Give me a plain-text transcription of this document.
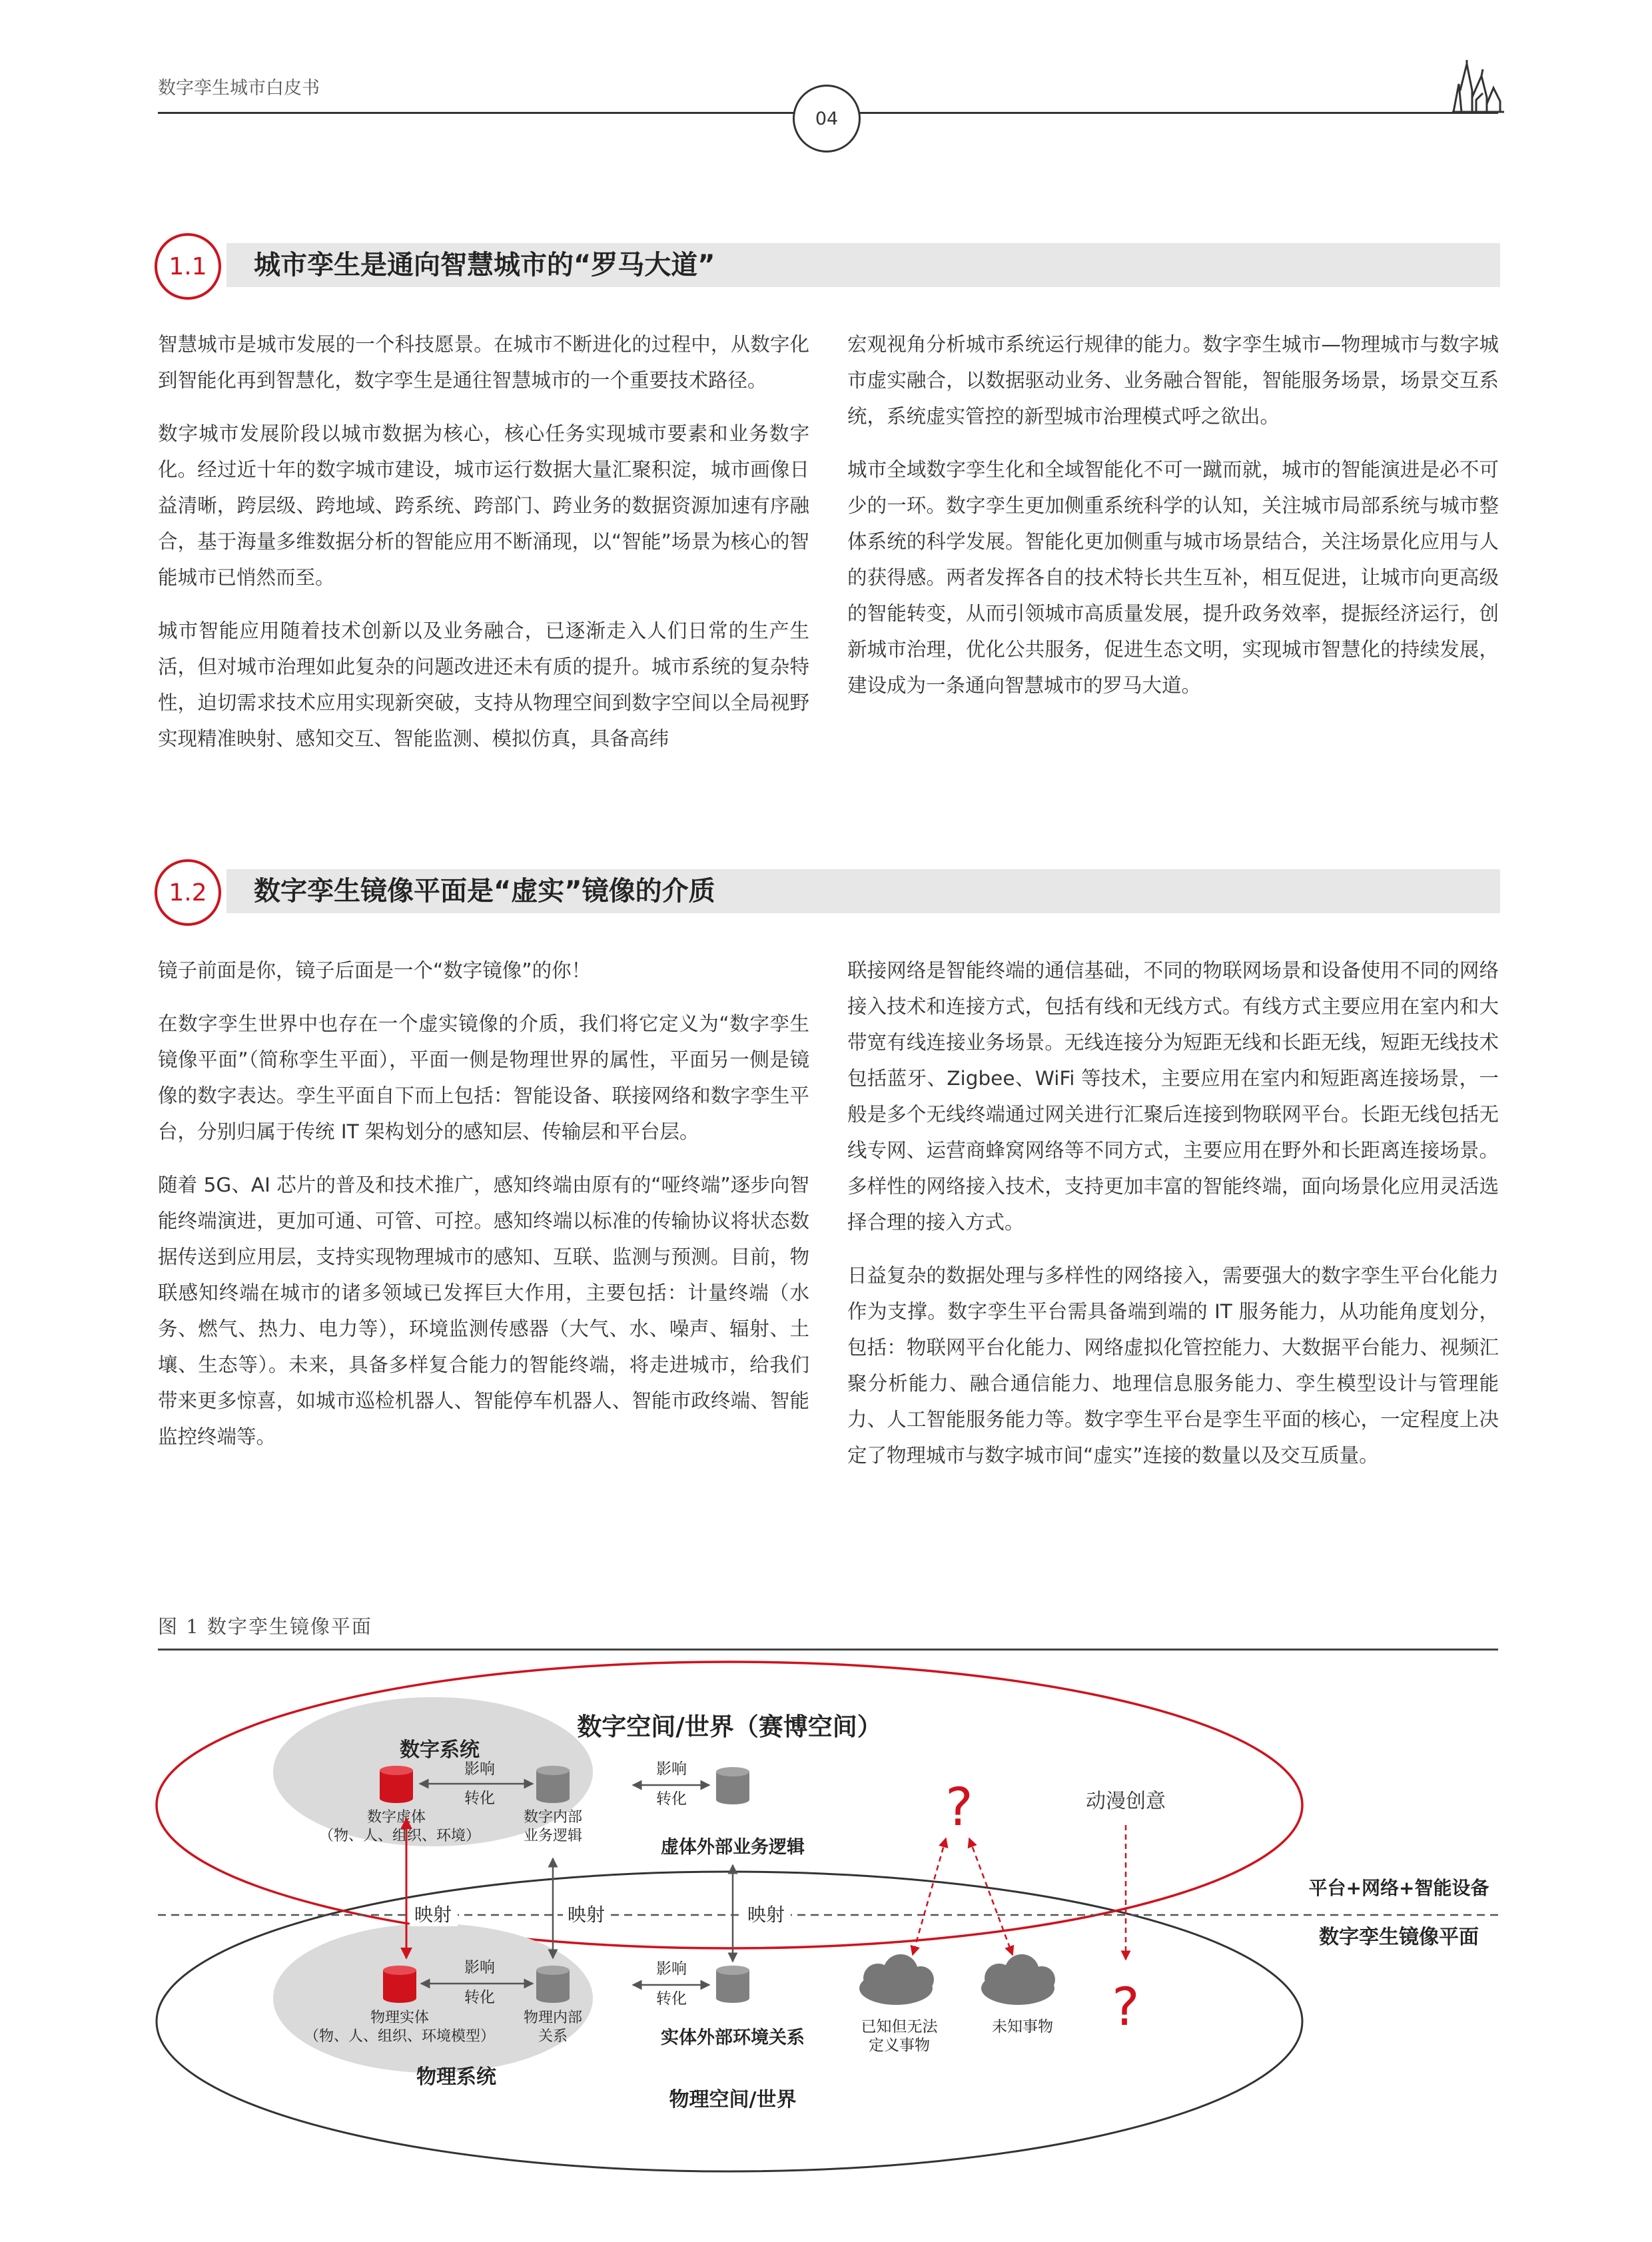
数字孪生城市白皮书
04
1.1	城市孪生是通向智慧城市的“罗马大道”

智慧城市是城市发展的一个科技愿景。在城市不断进化的过程中，从数字化到智能化再到智慧化，数字孪生是通往智慧城市的一个重要技术路径。

数字城市发展阶段以城市数据为核心，核心任务实现城市要素和业务数字化。经过近十年的数字城市建设，城市运行数据大量汇聚积淀，城市画像日益清晰，跨层级、跨地域、跨系统、跨部门、跨业务的数据资源加速有序融合，基于海量多维数据分析的智能应用不断涌现，以“智能”场景为核心的智能城市已悄然而至。

城市智能应用随着技术创新以及业务融合，已逐渐走入人们日常的生产生活，但对城市治理如此复杂的问题改进还未有质的提升。城市系统的复杂特性，迫切需求技术应用实现新突破，支持从物理空间到数字空间以全局视野实现精准映射、感知交互、智能监测、模拟仿真，具备高纬

宏观视角分析城市系统运行规律的能力。数字孪生城市—物理城市与数字城市虚实融合，以数据驱动业务、业务融合智能，智能服务场景，场景交互系统，系统虚实管控的新型城市治理模式呼之欲出。

城市全域数字孪生化和全域智能化不可一蹴而就，城市的智能演进是必不可少的一环。数字孪生更加侧重系统科学的认知，关注城市局部系统与城市整体系统的科学发展。智能化更加侧重与城市场景结合，关注场景化应用与人的获得感。两者发挥各自的技术特长共生互补，相互促进，让城市向更高级的智能转变，从而引领城市高质量发展，提升政务效率，提振经济运行，创新城市治理，优化公共服务，促进生态文明，实现城市智慧化的持续发展，建设成为一条通向智慧城市的罗马大道。

1.2	数字孪生镜像平面是“虚实”镜像的介质

镜子前面是你，镜子后面是一个“数字镜像”的你！

在数字孪生世界中也存在一个虚实镜像的介质，我们将它定义为“数字孪生镜像平面”（简称孪生平面），平面一侧是物理世界的属性，平面另一侧是镜像的数字表达。孪生平面自下而上包括：智能设备、联接网络和数字孪生平台，分别归属于传统 IT 架构划分的感知层、传输层和平台层。

随着 5G、AI 芯片的普及和技术推广，感知终端由原有的“哑终端”逐步向智能终端演进，更加可通、可管、可控。感知终端以标准的传输协议将状态数据传送到应用层，支持实现物理城市的感知、互联、监测与预测。目前，物联感知终端在城市的诸多领域已发挥巨大作用，主要包括：计量终端（水务、燃气、热力、电力等），环境监测传感器（大气、水、噪声、辐射、土壤、生态等）。未来，具备多样复合能力的智能终端，将走进城市，给我们带来更多惊喜，如城市巡检机器人、智能停车机器人、智能市政终端、智能监控终端等。

联接网络是智能终端的通信基础，不同的物联网场景和设备使用不同的网络接入技术和连接方式，包括有线和无线方式。有线方式主要应用在室内和大带宽有线连接业务场景。无线连接分为短距无线和长距无线，短距无线技术包括蓝牙、Zigbee、WiFi 等技术，主要应用在室内和短距离连接场景，一般是多个无线终端通过网关进行汇聚后连接到物联网平台。长距无线包括无线专网、运营商蜂窝网络等不同方式，主要应用在野外和长距离连接场景。多样性的网络接入技术，支持更加丰富的智能终端，面向场景化应用灵活选择合理的接入方式。

日益复杂的数据处理与多样性的网络接入，需要强大的数字孪生平台化能力作为支撑。数字孪生平台需具备端到端的 IT 服务能力，从功能角度划分，包括：物联网平台化能力、网络虚拟化管控能力、大数据平台能力、视频汇聚分析能力、融合通信能力、地理信息服务能力、孪生模型设计与管理能力、人工智能服务能力等。数字孪生平台是孪生平面的核心，一定程度上决定了物理城市与数字城市间“虚实”连接的数量以及交互质量。

图 1 数字孪生镜像平面
数字空间/世界（赛博空间）
数字系统
物理空间/世界
物理系统
影响
转化
数字虚体
（物、人、组织、环境）
数字内部
业务逻辑
影响
转化
虚体外部业务逻辑
映射	映射	映射
影响
转化
物理实体
（物、人、组织、环境模型）
物理内部
关系
影响
转化
实体外部环境关系
?	动漫创意
?
已知但无法
定义事物
未知事物
平台+网络+智能设备
数字孪生镜像平面
